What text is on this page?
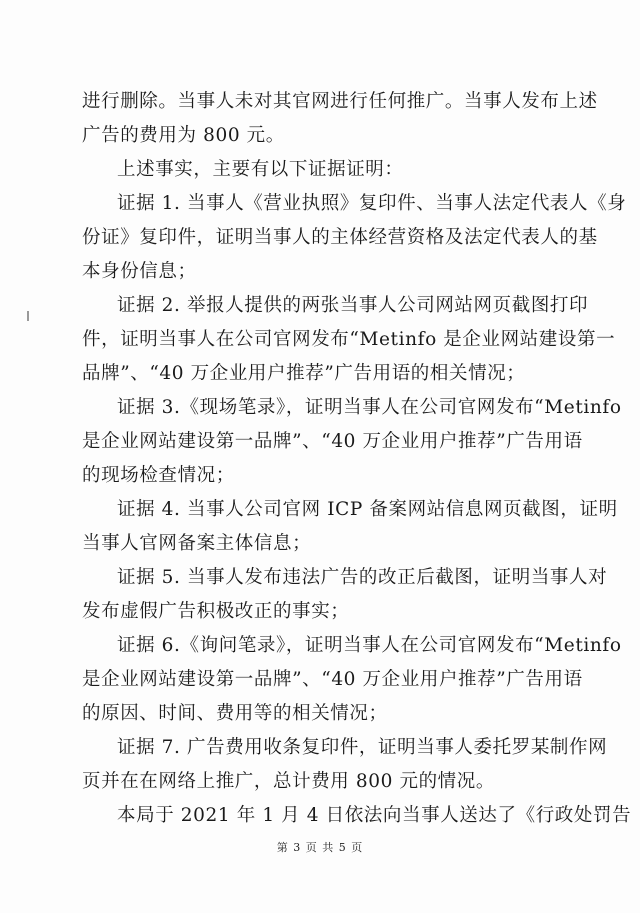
进行删除。当事人未对其官网进行任何推广。当事人发布上述
广告的费用为 800 元。
上述事实，主要有以下证据证明：
证据 1. 当事人《营业执照》复印件、当事人法定代表人《身
份证》复印件，证明当事人的主体经营资格及法定代表人的基
本身份信息；
证据 2. 举报人提供的两张当事人公司网站网页截图打印
件，证明当事人在公司官网发布“Metinfo 是企业网站建设第一
品牌”、“40 万企业用户推荐”广告用语的相关情况；
证据 3.《现场笔录》，证明当事人在公司官网发布“Metinfo
是企业网站建设第一品牌”、“40 万企业用户推荐”广告用语
的现场检查情况；
证据 4. 当事人公司官网 ICP 备案网站信息网页截图，证明
当事人官网备案主体信息；
证据 5. 当事人发布违法广告的改正后截图，证明当事人对
发布虚假广告积极改正的事实；
证据 6.《询问笔录》，证明当事人在公司官网发布“Metinfo
是企业网站建设第一品牌”、“40 万企业用户推荐”广告用语
的原因、时间、费用等的相关情况；
证据 7. 广告费用收条复印件，证明当事人委托罗某制作网
页并在在网络上推广，总计费用 800 元的情况。
本局于 2021 年 1 月 4 日依法向当事人送达了《行政处罚告
第 3 页 共 5 页
